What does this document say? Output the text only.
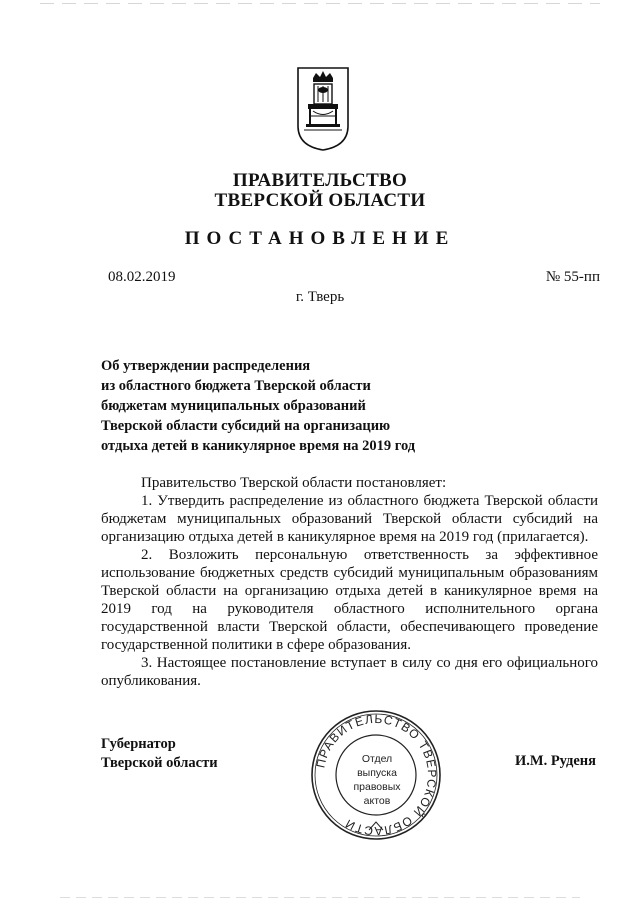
ПРАВИТЕЛЬСТВО
ТВЕРСКОЙ ОБЛАСТИ
ПОСТАНОВЛЕНИЕ
08.02.2019	№ 55-пп
г. Тверь
Об утверждении распределения
из областного бюджета Тверской области
бюджетам муниципальных образований
Тверской области субсидий на организацию
отдыха детей в каникулярное время на 2019 год

Правительство Тверской области постановляет:

1. Утвердить распределение из областного бюджета Тверской области бюджетам муниципальных образований Тверской области субсидий на организацию отдыха детей в каникулярное время на 2019 год (прилагается).

2. Возложить персональную ответственность за эффективное использование бюджетных средств субсидий муниципальным образованиям Тверской области на организацию отдыха детей в каникулярное время на 2019 год на руководителя областного исполнительного органа государственной власти Тверской области, обеспечивающего проведение государственной политики в сфере образования.

3. Настоящее постановление вступает в силу со дня его официального опубликования.

Губернатор
Тверской области	И.М. Руденя
ПРАВИТЕЛЬСТВО ТВЕРСКОЙ ОБЛАСТИ
Отдел
выпуска
правовых
актов
